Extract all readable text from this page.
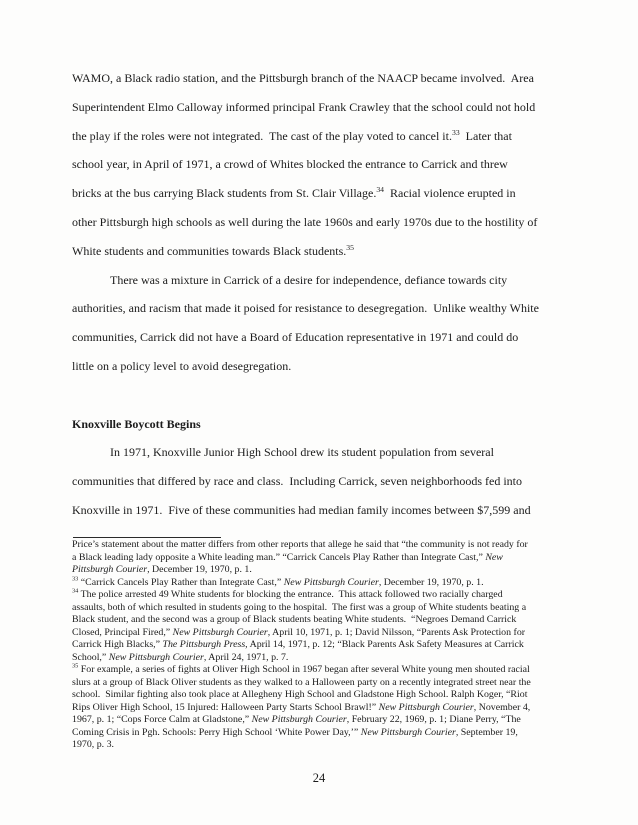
WAMO, a Black radio station, and the Pittsburgh branch of the NAACP became involved.  Area
Superintendent Elmo Calloway informed principal Frank Crawley that the school could not hold
the play if the roles were not integrated.  The cast of the play voted to cancel it.$^{33}$  Later that
school year, in April of 1971, a crowd of Whites blocked the entrance to Carrick and threw
bricks at the bus carrying Black students from St. Clair Village.$^{34}$  Racial violence erupted in
other Pittsburgh high schools as well during the late 1960s and early 1970s due to the hostility of
White students and communities towards Black students.$^{35}$
There was a mixture in Carrick of a desire for independence, defiance towards city
authorities, and racism that made it poised for resistance to desegregation.  Unlike wealthy White
communities, Carrick did not have a Board of Education representative in 1971 and could do
little on a policy level to avoid desegregation.

Knoxville Boycott Begins
In 1971, Knoxville Junior High School drew its student population from several
communities that differed by race and class.  Including Carrick, seven neighborhoods fed into
Knoxville in 1971.  Five of these communities had median family incomes between $7,599 and
Price’s statement about the matter differs from other reports that allege he said that “the community is not ready for
a Black leading lady opposite a White leading man.” “Carrick Cancels Play Rather than Integrate Cast,” New
Pittsburgh Courier, December 19, 1970, p. 1.
$^{33}$ “Carrick Cancels Play Rather than Integrate Cast,” New Pittsburgh Courier, December 19, 1970, p. 1.
$^{34}$ The police arrested 49 White students for blocking the entrance.  This attack followed two racially charged
assaults, both of which resulted in students going to the hospital.  The first was a group of White students beating a
Black student, and the second was a group of Black students beating White students.  “Negroes Demand Carrick
Closed, Principal Fired,” New Pittsburgh Courier, April 10, 1971, p. 1; David Nilsson, “Parents Ask Protection for
Carrick High Blacks,” The Pittsburgh Press, April 14, 1971, p. 12; “Black Parents Ask Safety Measures at Carrick
School,” New Pittsburgh Courier, April 24, 1971, p. 7.
$^{35}$ For example, a series of fights at Oliver High School in 1967 began after several White young men shouted racial
slurs at a group of Black Oliver students as they walked to a Halloween party on a recently integrated street near the
school.  Similar fighting also took place at Allegheny High School and Gladstone High School. Ralph Koger, “Riot
Rips Oliver High School, 15 Injured: Halloween Party Starts School Brawl!” New Pittsburgh Courier, November 4,
1967, p. 1; “Cops Force Calm at Gladstone,” New Pittsburgh Courier, February 22, 1969, p. 1; Diane Perry, “The
Coming Crisis in Pgh. Schools: Perry High School ‘White Power Day,’” New Pittsburgh Courier, September 19,
1970, p. 3.
24
